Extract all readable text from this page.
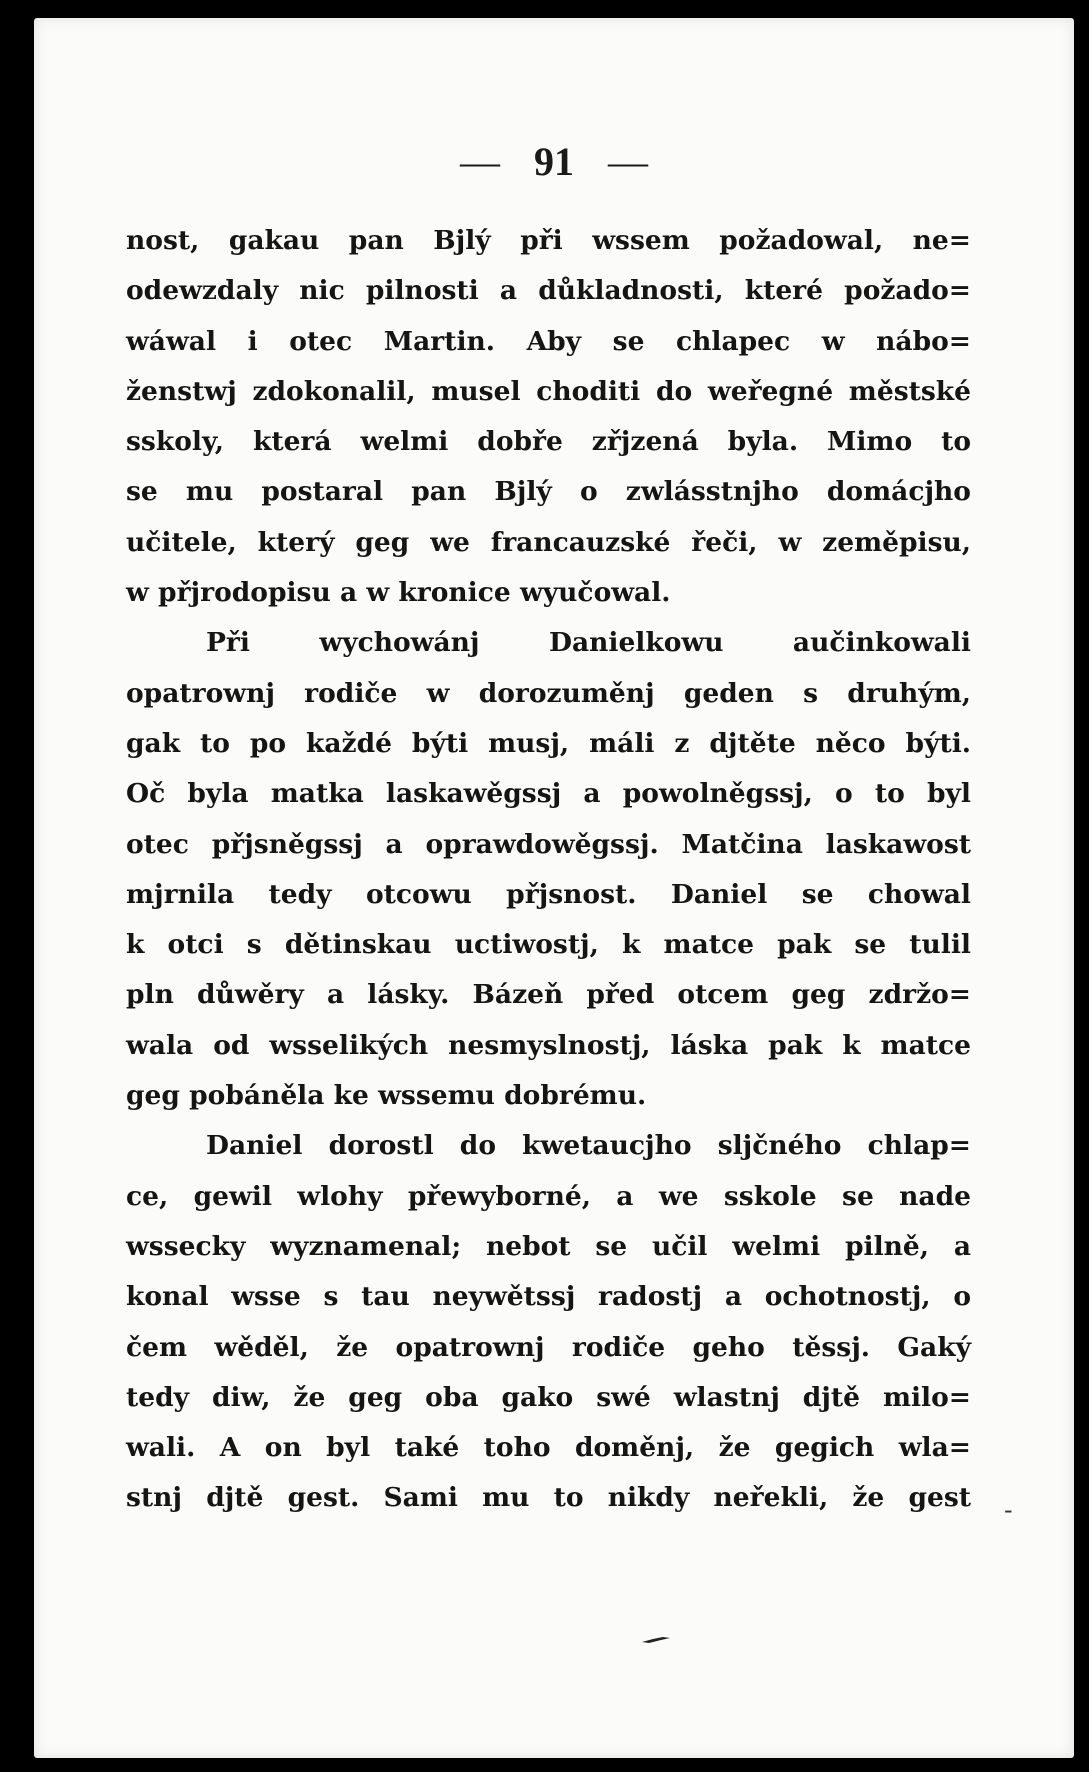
— 91 —
nost, gakau pan Bjlý při wssem požadowal, ne=
odewzdaly nic pilnosti a důkladnosti, které požado=
wáwal i otec Martin. Aby se chlapec w nábo=
ženstwj zdokonalil, musel choditi do weřegné městské
sskoly, která welmi dobře zřjzená byla. Mimo to
se mu postaral pan Bjlý o zwlásstnjho domácjho
učitele, který geg we francauzské řeči, w zeměpisu,
w přjrodopisu a w kronice wyučowal.
Při wychowánj Danielkowu aučinkowali
opatrownj rodiče w dorozuměnj geden s druhým,
gak to po každé býti musj, máli z djtěte něco býti.
Oč byla matka laskawěgssj a powolněgssj, o to byl
otec přjsněgssj a oprawdowěgssj. Matčina laskawost
mjrnila tedy otcowu přjsnost. Daniel se chowal
k otci s dětinskau uctiwostj, k matce pak se tulil
pln důwěry a lásky. Bázeň před otcem geg zdržo=
wala od wsselikých nesmyslnostj, láska pak k matce
geg pobáněla ke wssemu dobrému.
Daniel dorostl do kwetaucjho sljčného chlap=
ce, gewil wlohy přewyborné, a we sskole se nade
wssecky wyznamenal; nebot se učil welmi pilně, a
konal wsse s tau neywětssj radostj a ochotnostj, o
čem wěděl, že opatrownj rodiče geho těssj. Gaký
tedy diw, že geg oba gako swé wlastnj djtě milo=
wali. A on byl také toho doměnj, že gegich wla=
stnj djtě gest. Sami mu to nikdy neřekli, že gest -
